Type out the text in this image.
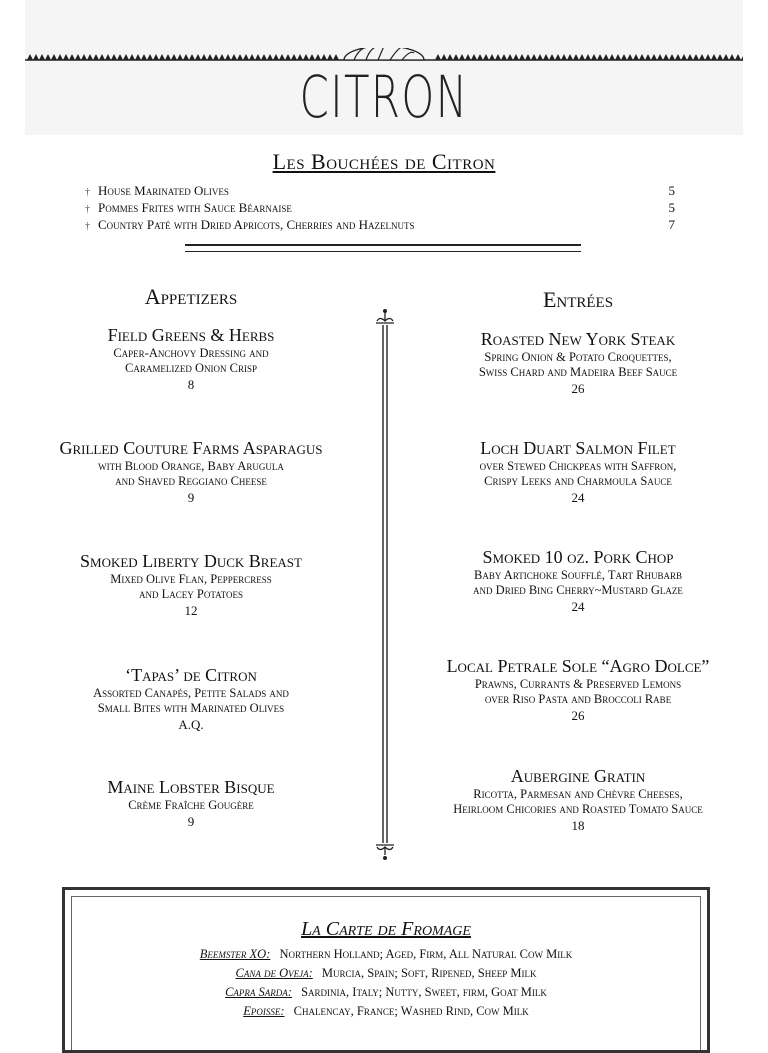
CITRON
Les Bouchées de Citron
† House Marinated Olives	5
† Pommes Frites with Sauce Béarnaise	5
† Country Paté with Dried Apricots, Cherries and Hazelnuts	7
Appetizers
Field Greens & Herbs
Caper-Anchovy Dressing and
Caramelized Onion Crisp
8
Grilled Couture Farms Asparagus
with Blood Orange, Baby Arugula
and Shaved Reggiano Cheese
9
Smoked Liberty Duck Breast
Mixed Olive Flan, Peppercress
and Lacey Potatoes
12
‘Tapas’ de Citron
Assorted Canapés, Petite Salads and
Small Bites with Marinated Olives
A.Q.
Maine Lobster Bisque
Crème Fraîche Gougère
9
Entrées
Roasted New York Steak
Spring Onion & Potato Croquettes,
Swiss Chard and Madeira Beef Sauce
26
Loch Duart Salmon Filet
over Stewed Chickpeas with Saffron,
Crispy Leeks and Charmoula Sauce
24
Smoked 10 oz. Pork Chop
Baby Artichoke Soufflé, Tart Rhubarb
and Dried Bing Cherry~Mustard Glaze
24
Local Petrale Sole “Agro Dolce”
Prawns, Currants & Preserved Lemons
over Riso Pasta and Broccoli Rabe
26
Aubergine Gratin
Ricotta, Parmesan and Chèvre Cheeses,
Heirloom Chicories and Roasted Tomato Sauce
18
La Carte de Fromage
Beemster XO: Northern Holland; Aged, Firm, All Natural Cow Milk
Cana de Oveja: Murcia, Spain; Soft, Ripened, Sheep Milk
Capra Sarda: Sardinia, Italy; Nutty, Sweet, firm, Goat Milk
Epoisse: Chalencay, France; Washed Rind, Cow Milk
